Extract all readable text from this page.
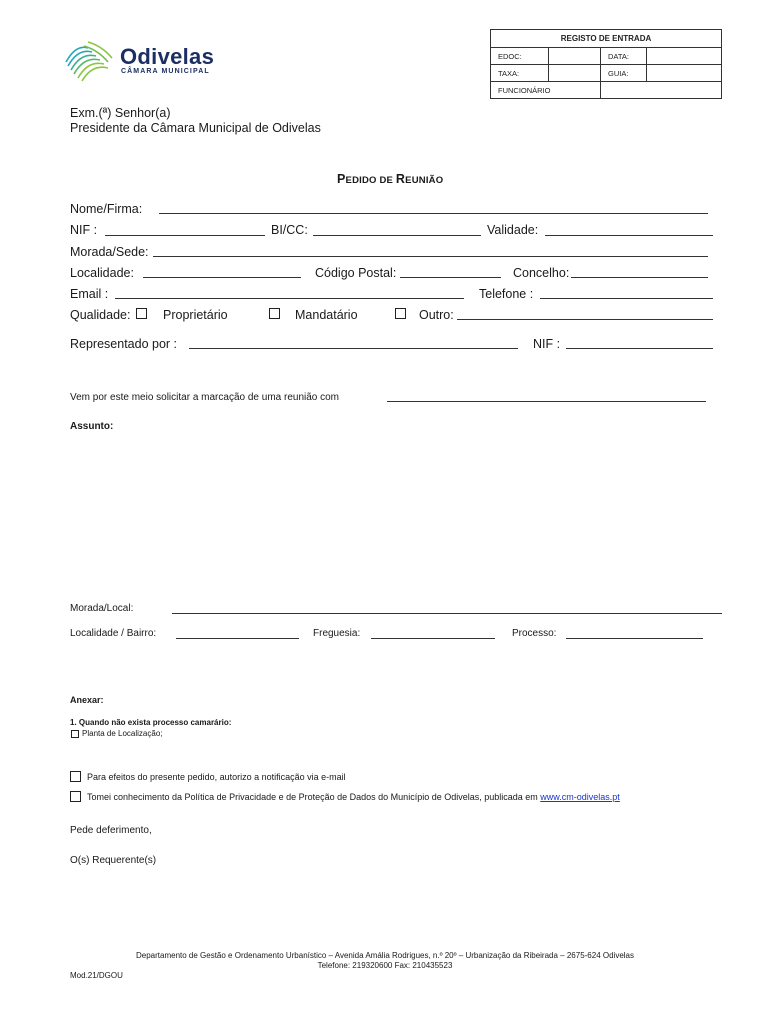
Odivelas
CÂMARA MUNICIPAL
REGISTO DE ENTRADA			
EDOC:		DATA:	
TAXA:		GUIA:	
FUNCIONÁRIO			
Exm.(ª) Senhor(a)
Presidente da Câmara Municipal de Odivelas
PEDIDO DE REUNIÃO
Nome/Firma:
NIF :	BI/CC:	Validade:
Morada/Sede:
Localidade:	Código Postal:	Concelho:
Email :	Telefone :
Qualidade:	Proprietário	Mandatário	Outro:
Representado por :	NIF :
Vem por este meio solicitar a marcação de uma reunião com
Assunto:
Morada/Local:
Localidade / Bairro:	Freguesia:	Processo:
Anexar:
1. Quando não exista processo camarário:
Planta de Localização;
Para efeitos do presente pedido, autorizo a notificação via e-mail
Tomei conhecimento da Política de Privacidade e de Proteção de Dados do Município de Odivelas, publicada em www.cm-odivelas.pt
Pede deferimento,
O(s) Requerente(s)
Departamento de Gestão e Ordenamento Urbanístico – Avenida Amália Rodrigues, n.º 20º – Urbanização da Ribeirada – 2675-624 Odivelas
Telefone: 219320600 Fax: 210435523
Mod.21/DGOU
